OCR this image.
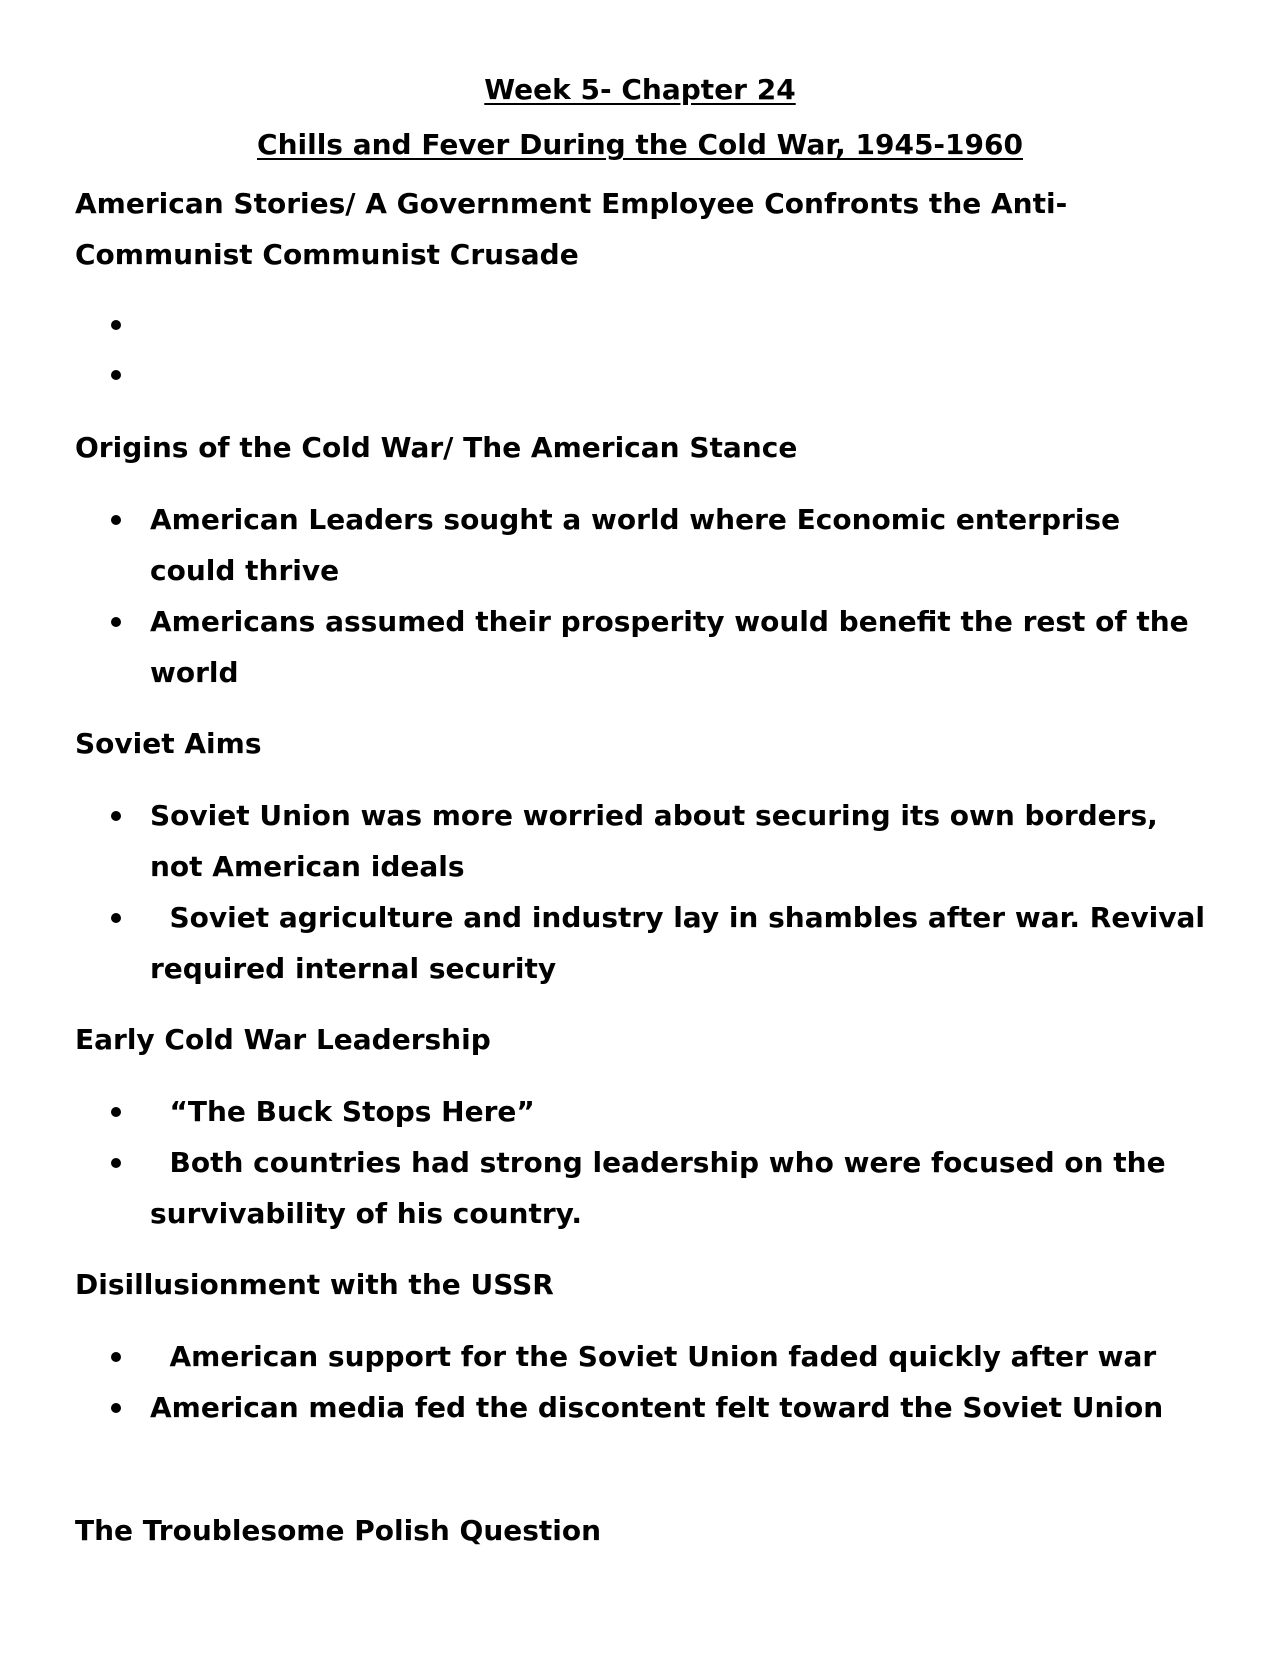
Week 5- Chapter 24
Chills and Fever During the Cold War, 1945-1960
American Stories/ A Government Employee Confronts the Anti-Communist Communist Crusade
Origins of the Cold War/ The American Stance
American Leaders sought a world where Economic enterprise could thrive
Americans assumed their prosperity would benefit the rest of the world
Soviet Aims
Soviet Union was more worried about securing its own borders, not American ideals
Soviet agriculture and industry lay in shambles after war. Revival required internal security
Early Cold War Leadership
“The Buck Stops Here”
Both countries had strong leadership who were focused on the survivability of his country.
Disillusionment with the USSR
American support for the Soviet Union faded quickly after war
American media fed the discontent felt toward the Soviet Union
The Troublesome Polish Question
